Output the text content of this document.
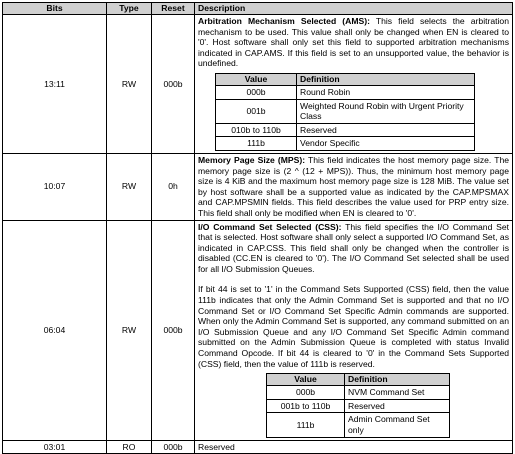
Bits	Type	Reset	Description
13:11	RW	000b	

Arbitration Mechanism Selected (AMS): This field selects the arbitration mechanism to be used. This value shall only be changed when EN is cleared to '0'. Host software shall only set this field to supported arbitration mechanisms indicated in CAP.AMS. If this field is set to an unsupported value, the behavior is undefined.

Value	Definition
000b	Round Robin
001b	Weighted Round Robin with Urgent Priority Class
010b to 110b	Reserved
111b	Vendor Specific

10:07	RW	0h	

Memory Page Size (MPS): This field indicates the host memory page size. The memory page size is (2 ^ (12 + MPS)). Thus, the minimum host memory page size is 4 KiB and the maximum host memory page size is 128 MiB. The value set by host software shall be a supported value as indicated by the CAP.MPSMAX and CAP.MPSMIN fields. This field describes the value used for PRP entry size. This field shall only be modified when EN is cleared to '0'.

06:04	RW	000b	

I/O Command Set Selected (CSS): This field specifies the I/O Command Set that is selected. Host software shall only select a supported I/O Command Set, as indicated in CAP.CSS. This field shall only be changed when the controller is disabled (CC.EN is cleared to '0'). The I/O Command Set selected shall be used for all I/O Submission Queues.

If bit 44 is set to '1' in the Command Sets Supported (CSS) field, then the value 111b indicates that only the Admin Command Set is supported and that no I/O Command Set or I/O Command Set Specific Admin commands are supported. When only the Admin Command Set is supported, any command submitted on an I/O Submission Queue and any I/O Command Set Specific Admin command submitted on the Admin Submission Queue is completed with status Invalid Command Opcode. If bit 44 is cleared to '0' in the Command Sets Supported (CSS) field, then the value of 111b is reserved.

Value	Definition
000b	NVM Command Set
001b to 110b	Reserved
111b	Admin Command Set only

03:01	RO	000b	Reserved
